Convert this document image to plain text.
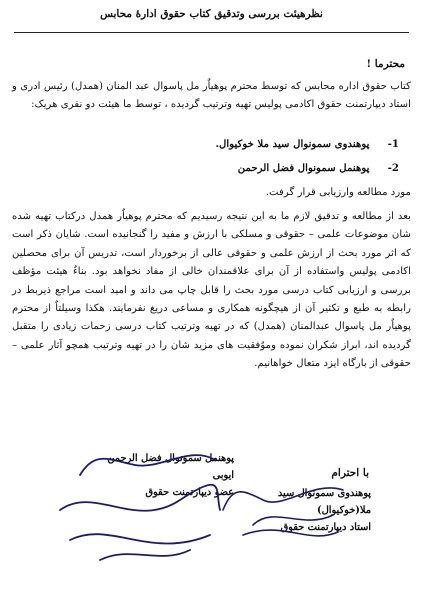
نظرهیئت بررسی وتدقیق کتاب حقوق ادارهٔ محابس
محترما !
کتاب حقوق اداره محابس که توسط محترم پوهیاٌر مل پاسوال عبد المنان (همدل) رئیس ادری و استاد دیپارتمنت حقوق اکادمی پولیس تهیه وترتیب گردیده ، توسط ما هیئت دو نفری هریک:
1- پوهندوی سمونوال سید ملا خوکیوال.
2- پوهنمل سمونوال فضل الرحمن
مورد مطالعه وارزیابی قرار گرفت.
بعد از مطالعه و تدقیق لازم ما به این نتیجه رسیدیم که محترم پوهیاٌر همدل درکتاب تهیه شده شان موضوعات علمی – حقوقی و مسلکی با ارزش و مفید را گنجانیده است. شایان ذکر است که اثر مورد بحث از ارزش علمی و حقوقی عالی از برخوردار است، تدریس آن برای محصلین اکادمی پولیس واستفاده از آن برای علاقمندان خالی از مفاد نخواهد بود. بناءٌ هیئت مؤظف بررسی و ارزیابی کتاب درسی مورد بحث را قابل چاپ می داند و امید است مراجع ذیربط در رابطه به طبع و تکثیر آن از هیچگونه همکاری و مساعی دریغ نفرمایند. هکذا وسیلتاٌ از محترم پوهیاٌر مل پاسوال عبدالمنان (همدل) که در تهیه وترتیب کتاب درسی زحمات زیادی را متقبل گردیده اند، ابراز شکران نموده وموٌفقیت های مزید شان را در تهیه وترتیب همچو آثار علمی – حقوقی از بارگاه ایزد متعال خواهانیم.
با احترام
پوهندوی سمونوال سید ملا(خوکیوال)
استاد دیپارتمنت حقوق
پوهنمل سمونوال فضل الرحمن ایوبی
عضو دیپارتمنت حقوق
